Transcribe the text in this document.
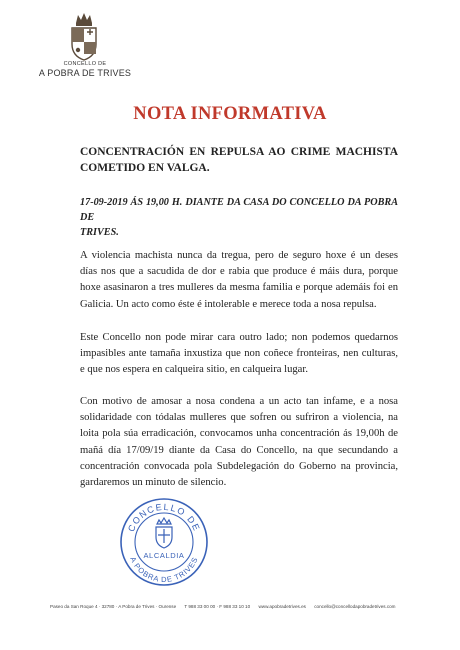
CONCELLO DE
A POBRA DE TRIVES
NOTA INFORMATIVA
CONCENTRACIÓN EN REPULSA AO CRIME MACHISTA
COMETIDO EN VALGA.
17-09-2019 ÁS 19,00 H. DIANTE DA CASA DO CONCELLO DA POBRA DE
TRIVES.
A violencia machista nunca da tregua, pero de seguro hoxe é un deses
días nos que a sacudida de dor e rabia que produce é máis dura, porque
hoxe asasinaron a tres mulleres da mesma familia e porque ademáis foi en
Galicia. Un acto como éste é intolerable e merece toda a nosa repulsa.
Este Concello non pode mirar cara outro lado; non podemos quedarnos
impasibles ante tamaña inxustiza que non coñece fronteiras, nen culturas,
e que nos espera en calqueira sitio, en calqueira lugar.
Con motivo de amosar a nosa condena a un acto tan infame, e a nosa
solidaridade con tódalas mulleres que sofren ou sufriron a violencia, na
loita pola súa erradicación, convocamos unha concentración ás 19,00h de
mañá día 17/09/19 diante da Casa do Concello, na que secundando a
concentración convocada pola Subdelegación do Goberno na provincia,
gardaremos un minuto de silencio.
CONCELLO DE
A POBRA DE TRIVES
ALCALDIA
Paseo da San Roque 4 · 32780 · A Pobra de Trives · Ourense T 988 33 00 00 · F 988 33 10 10 www.apobradetrives.es concello@concellodapobradetrives.com
